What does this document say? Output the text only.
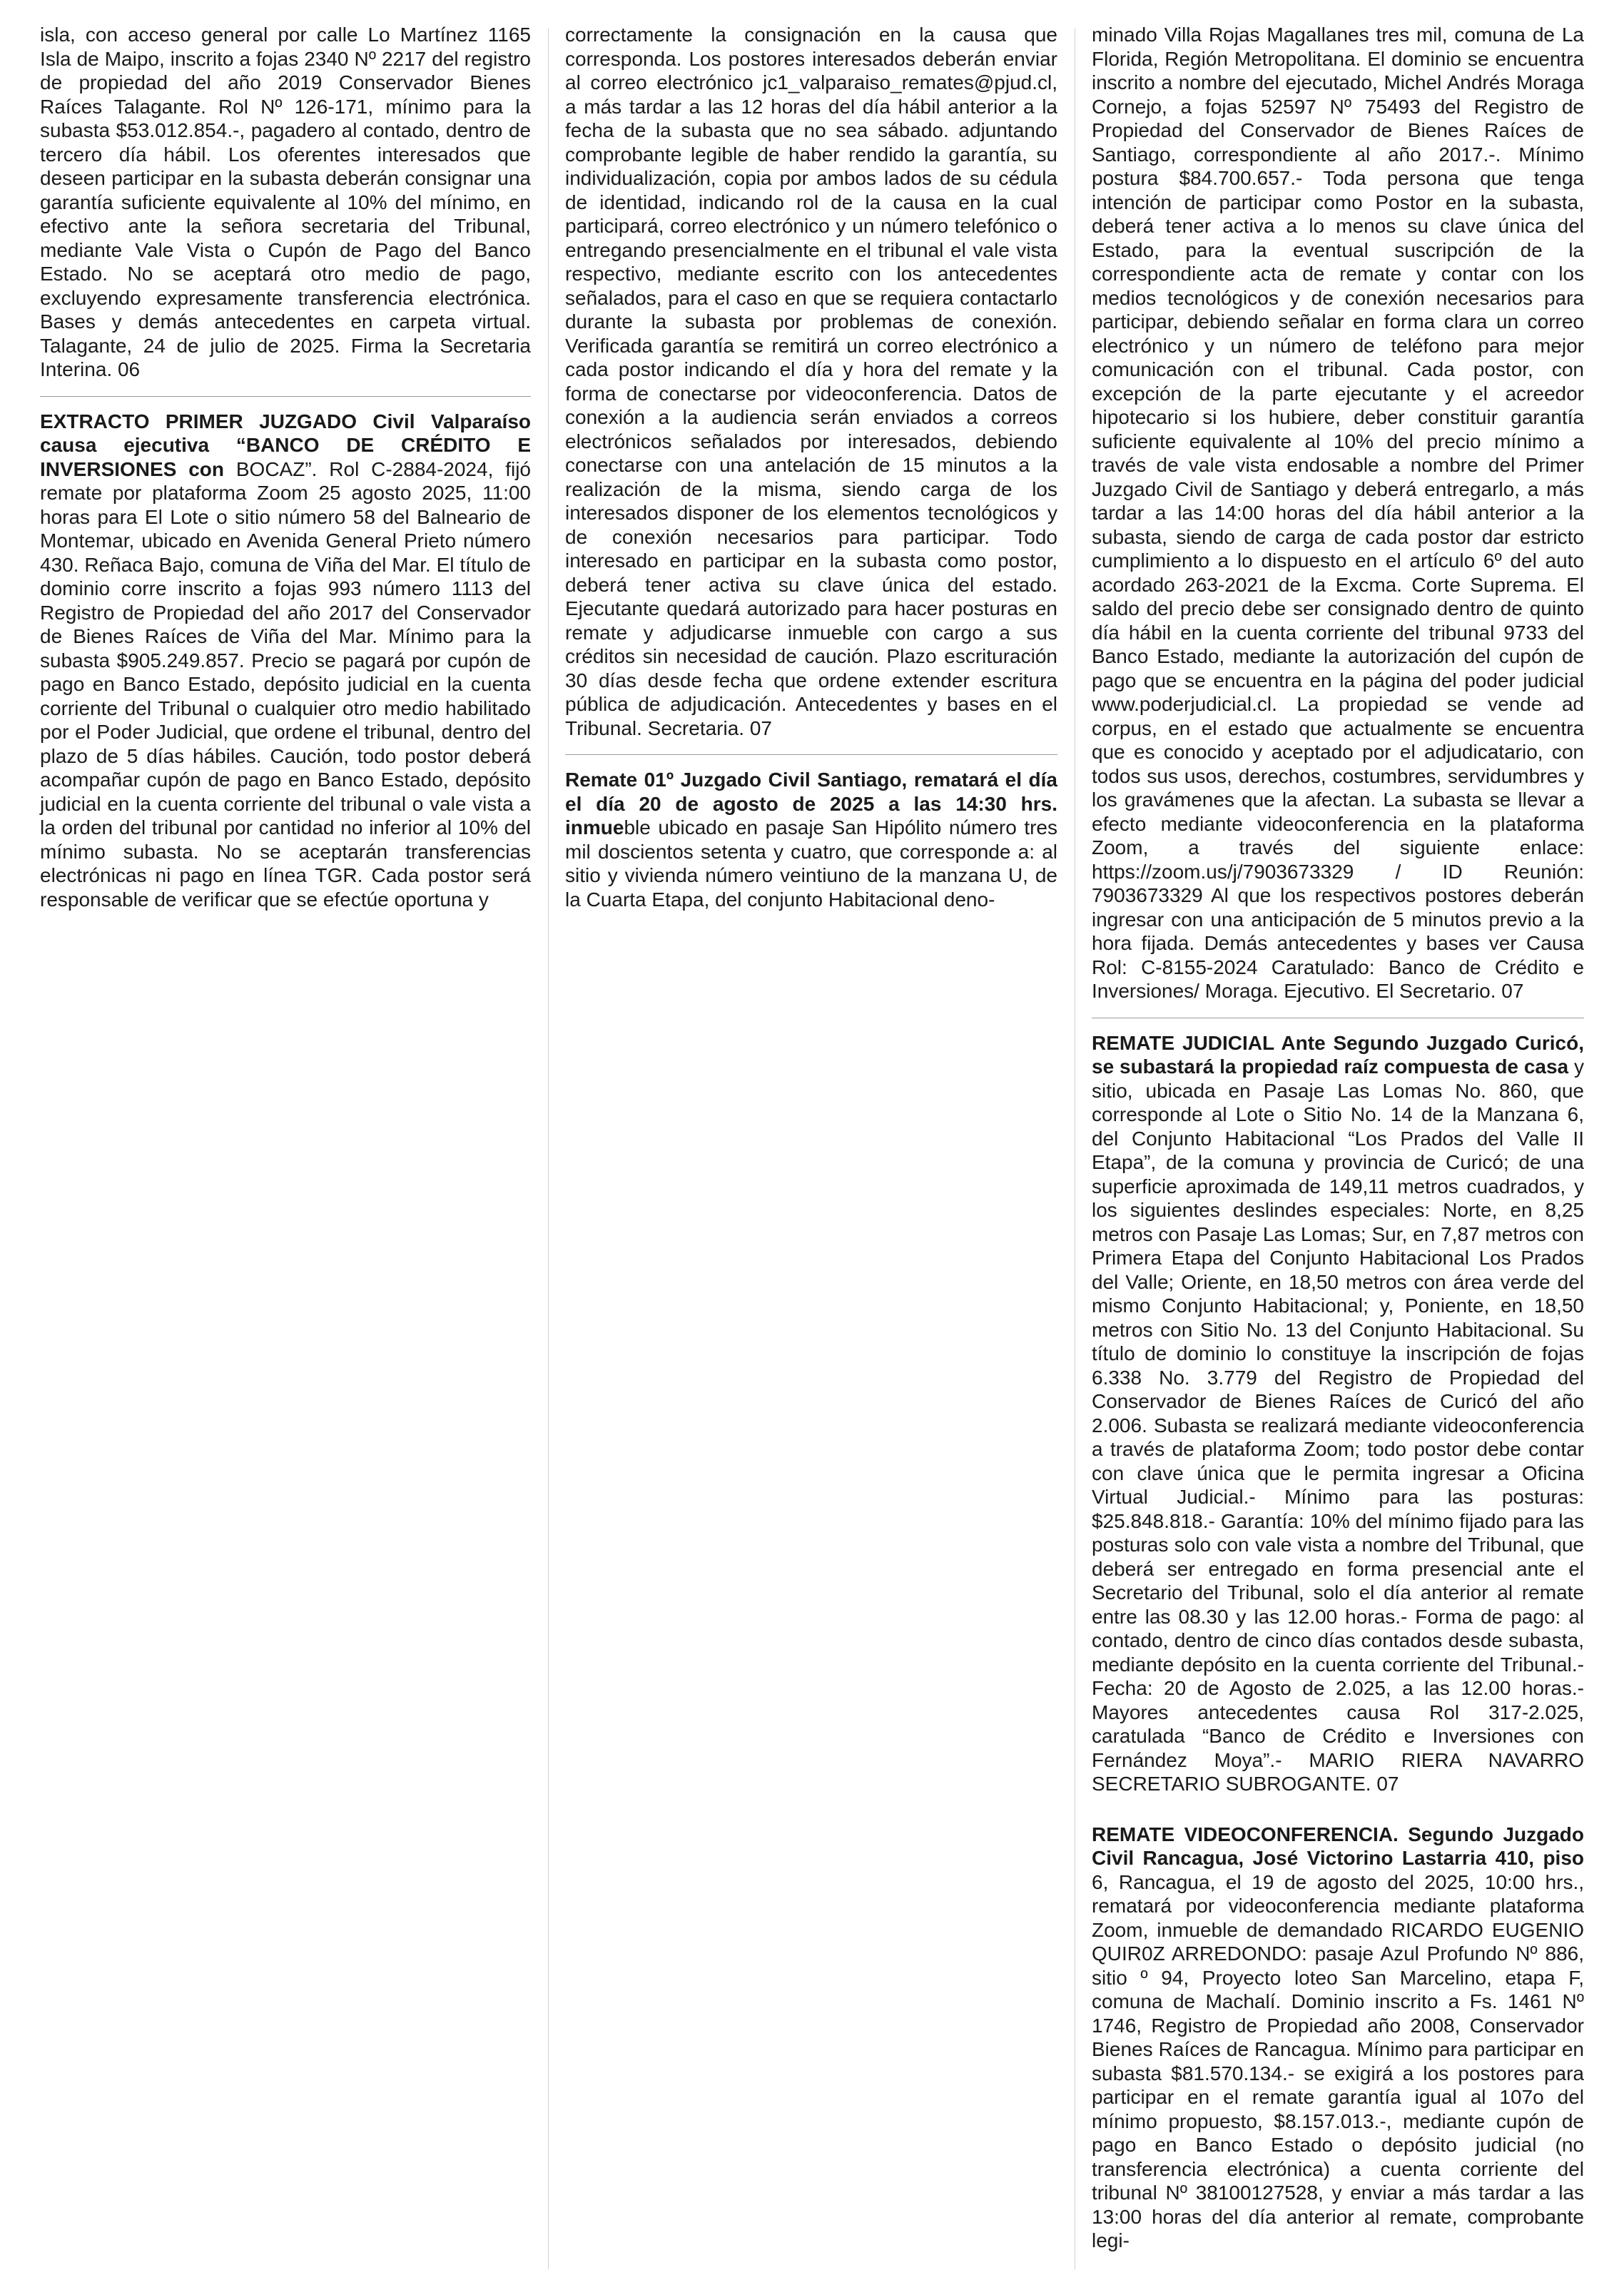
isla, con acceso general por calle Lo Martínez 1165 Isla de Maipo, inscrito a fojas 2340 Nº 2217 del registro de propiedad del año 2019 Conservador Bienes Raíces Talagante. Rol Nº 126-171, mínimo para la subasta $53.012.854.-, pagadero al contado, dentro de tercero día hábil. Los oferentes interesados que deseen participar en la subasta deberán consignar una garantía suficiente equivalente al 10% del mínimo, en efectivo ante la señora secretaria del Tribunal, mediante Vale Vista o Cupón de Pago del Banco Estado. No se aceptará otro medio de pago, excluyendo expresamente transferencia electrónica. Bases y demás antecedentes en carpeta virtual. Talagante, 24 de julio de 2025. Firma la Secretaria Interina. 06

EXTRACTO PRIMER JUZGADO Civil Valparaíso causa ejecutiva “BANCO DE CRÉDITO E INVERSIONES con BOCAZ”. Rol C-2884-2024, fijó remate por plataforma Zoom 25 agosto 2025, 11:00 horas para El Lote o sitio número 58 del Balneario de Montemar, ubicado en Avenida General Prieto número 430. Reñaca Bajo, comuna de Viña del Mar. El título de dominio corre inscrito a fojas 993 número 1113 del Registro de Propiedad del año 2017 del Conservador de Bienes Raíces de Viña del Mar. Mínimo para la subasta $905.249.857. Precio se pagará por cupón de pago en Banco Estado, depósito judicial en la cuenta corriente del Tribunal o cualquier otro medio habilitado por el Poder Judicial, que ordene el tribunal, dentro del plazo de 5 días hábiles. Caución, todo postor deberá acompañar cupón de pago en Banco Estado, depósito judicial en la cuenta corriente del tribunal o vale vista a la orden del tribunal por cantidad no inferior al 10% del mínimo subasta. No se aceptarán transferencias electrónicas ni pago en línea TGR. Cada postor será responsable de verificar que se efectúe oportuna y

correctamente la consignación en la causa que corresponda. Los postores interesados deberán enviar al correo electrónico jc1_valparaiso_remates@pjud.cl, a más tardar a las 12 horas del día hábil anterior a la fecha de la subasta que no sea sábado. adjuntando comprobante legible de haber rendido la garantía, su individualización, copia por ambos lados de su cédula de identidad, indicando rol de la causa en la cual participará, correo electrónico y un número telefónico o entregando presencialmente en el tribunal el vale vista respectivo, mediante escrito con los antecedentes señalados, para el caso en que se requiera contactarlo durante la subasta por problemas de conexión. Verificada garantía se remitirá un correo electrónico a cada postor indicando el día y hora del remate y la forma de conectarse por videoconferencia. Datos de conexión a la audiencia serán enviados a correos electrónicos señalados por interesados, debiendo conectarse con una antelación de 15 minutos a la realización de la misma, siendo carga de los interesados disponer de los elementos tecnológicos y de conexión necesarios para participar. Todo interesado en participar en la subasta como postor, deberá tener activa su clave única del estado. Ejecutante quedará autorizado para hacer posturas en remate y adjudicarse inmueble con cargo a sus créditos sin necesidad de caución. Plazo escrituración 30 días desde fecha que ordene extender escritura pública de adjudicación. Antecedentes y bases en el Tribunal. Secretaria. 07

Remate 01º Juzgado Civil Santiago, rematará el día el día 20 de agosto de 2025 a las 14:30 hrs. inmueble ubicado en pasaje San Hipólito número tres mil doscientos setenta y cuatro, que corresponde a: al sitio y vivienda número veintiuno de la manzana U, de la Cuarta Etapa, del conjunto Habitacional deno-

minado Villa Rojas Magallanes tres mil, comuna de La Florida, Región Metropolitana. El dominio se encuentra inscrito a nombre del ejecutado, Michel Andrés Moraga Cornejo, a fojas 52597 Nº 75493 del Registro de Propiedad del Conservador de Bienes Raíces de Santiago, correspondiente al año 2017.-. Mínimo postura $84.700.657.- Toda persona que tenga intención de participar como Postor en la subasta, deberá tener activa a lo menos su clave única del Estado, para la eventual suscripción de la correspondiente acta de remate y contar con los medios tecnológicos y de conexión necesarios para participar, debiendo señalar en forma clara un correo electrónico y un número de teléfono para mejor comunicación con el tribunal. Cada postor, con excepción de la parte ejecutante y el acreedor hipotecario si los hubiere, deber constituir garantía suficiente equivalente al 10% del precio mínimo a través de vale vista endosable a nombre del Primer Juzgado Civil de Santiago y deberá entregarlo, a más tardar a las 14:00 horas del día hábil anterior a la subasta, siendo de carga de cada postor dar estricto cumplimiento a lo dispuesto en el artículo 6º del auto acordado 263-2021 de la Excma. Corte Suprema. El saldo del precio debe ser consignado dentro de quinto día hábil en la cuenta corriente del tribunal 9733 del Banco Estado, mediante la autorización del cupón de pago que se encuentra en la página del poder judicial www.poderjudicial.cl. La propiedad se vende ad corpus, en el estado que actualmente se encuentra que es conocido y aceptado por el adjudicatario, con todos sus usos, derechos, costumbres, servidumbres y los gravámenes que la afectan. La subasta se llevar a efecto mediante videoconferencia en la plataforma Zoom, a través del siguiente enlace: https://zoom.us/j/7903673329 / ID Reunión: 7903673329 Al que los respectivos postores deberán ingresar con una anticipación de 5 minutos previo a la hora fijada. Demás antecedentes y bases ver Causa Rol: C-8155-2024 Caratulado: Banco de Crédito e Inversiones/ Moraga. Ejecutivo. El Secretario. 07

REMATE JUDICIAL Ante Segundo Juzgado Curicó, se subastará la propiedad raíz compuesta de casa y sitio, ubicada en Pasaje Las Lomas No. 860, que corresponde al Lote o Sitio No. 14 de la Manzana 6, del Conjunto Habitacional “Los Prados del Valle II Etapa”, de la comuna y provincia de Curicó; de una superficie aproximada de 149,11 metros cuadrados, y los siguientes deslindes especiales: Norte, en 8,25 metros con Pasaje Las Lomas; Sur, en 7,87 metros con Primera Etapa del Conjunto Habitacional Los Prados del Valle; Oriente, en 18,50 metros con área verde del mismo Conjunto Habitacional; y, Poniente, en 18,50 metros con Sitio No. 13 del Conjunto Habitacional. Su título de dominio lo constituye la inscripción de fojas 6.338 No. 3.779 del Registro de Propiedad del Conservador de Bienes Raíces de Curicó del año 2.006. Subasta se realizará mediante videoconferencia a través de plataforma Zoom; todo postor debe contar con clave única que le permita ingresar a Oficina Virtual Judicial.- Mínimo para las posturas: $25.848.818.- Garantía: 10% del mínimo fijado para las posturas solo con vale vista a nombre del Tribunal, que deberá ser entregado en forma presencial ante el Secretario del Tribunal, solo el día anterior al remate entre las 08.30 y las 12.00 horas.- Forma de pago: al contado, dentro de cinco días contados desde subasta, mediante depósito en la cuenta corriente del Tribunal.-Fecha: 20 de Agosto de 2.025, a las 12.00 horas.- Mayores antecedentes causa Rol 317-2.025, caratulada “Banco de Crédito e Inversiones con Fernández Moya”.- MARIO RIERA NAVARRO SECRETARIO SUBROGANTE. 07

REMATE VIDEOCONFERENCIA. Segundo Juzgado Civil Rancagua, José Victorino Lastarria 410, piso 6, Rancagua, el 19 de agosto del 2025, 10:00 hrs., rematará por videoconferencia mediante plataforma Zoom, inmueble de demandado RICARDO EUGENIO QUIR0Z ARREDONDO: pasaje Azul Profundo Nº 886, sitio º 94, Proyecto loteo San Marcelino, etapa F, comuna de Machalí. Dominio inscrito a Fs. 1461 Nº 1746, Registro de Propiedad año 2008, Conservador Bienes Raíces de Rancagua. Mínimo para participar en subasta $81.570.134.- se exigirá a los postores para participar en el remate garantía igual al 107o del mínimo propuesto, $8.157.013.-, mediante cupón de pago en Banco Estado o depósito judicial (no transferencia electrónica) a cuenta corriente del tribunal Nº 38100127528, y enviar a más tardar a las 13:00 horas del día anterior al remate, comprobante legi-
